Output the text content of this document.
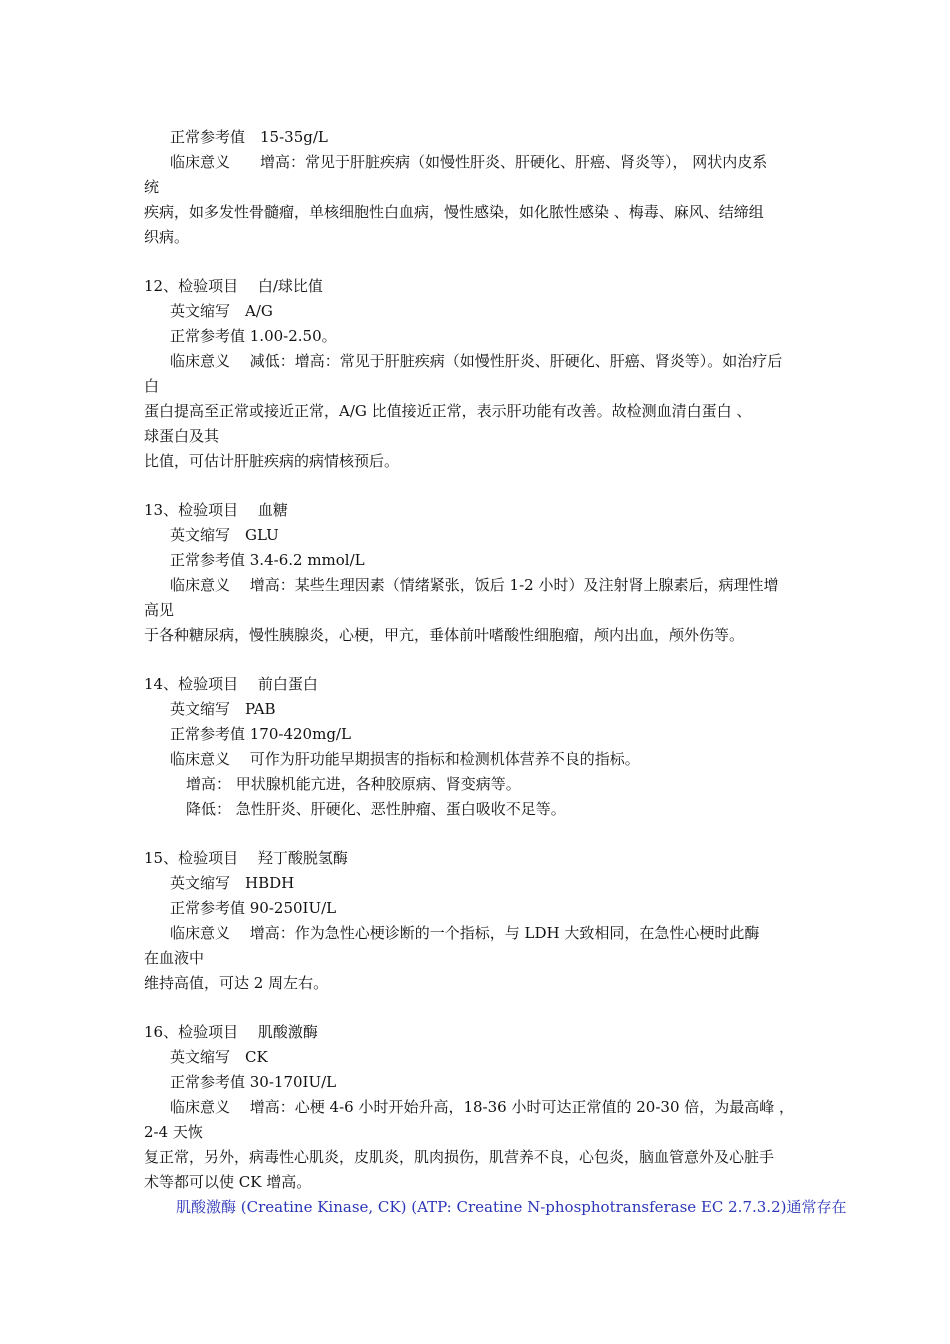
正常参考值　15-35g/L
临床意义　　增高：常见于肝脏疾病（如慢性肝炎、肝硬化、肝癌、肾炎等）， 网状内皮系
统
疾病，如多发性骨髓瘤，单核细胞性白血病，慢性感染，如化脓性感染 、梅毒、麻风、结缔组
织病。
12、检验项目　 白/球比值
英文缩写　A/G
正常参考值 1.00-2.50。
临床意义　 减低：增高：常见于肝脏疾病（如慢性肝炎、肝硬化、肝癌、肾炎等）。如治疗后
白
蛋白提高至正常或接近正常，A/G 比值接近正常，表示肝功能有改善。故检测血清白蛋白 、
球蛋白及其
比值，可估计肝脏疾病的病情核预后。
13、检验项目　 血糖
英文缩写　GLU
正常参考值 3.4-6.2 mmol/L
临床意义　 增高：某些生理因素（情绪紧张，饭后 1-2 小时）及注射肾上腺素后，病理性增
高见
于各种糖尿病，慢性胰腺炎，心梗，甲亢，垂体前叶嗜酸性细胞瘤，颅内出血，颅外伤等。
14、检验项目　 前白蛋白
英文缩写　PAB
正常参考值 170-420mg/L
临床意义　 可作为肝功能早期损害的指标和检测机体营养不良的指标。
增高： 甲状腺机能亢进，各种胶原病、肾变病等。
降低： 急性肝炎、肝硬化、恶性肿瘤、蛋白吸收不足等。
15、检验项目　 羟丁酸脱氢酶
英文缩写　HBDH
正常参考值 90-250IU/L
临床意义　 增高：作为急性心梗诊断的一个指标，与 LDH 大致相同，在急性心梗时此酶
在血液中
维持高值，可达 2 周左右。
16、检验项目　 肌酸激酶
英文缩写　CK
正常参考值 30-170IU/L
临床意义　 增高：心梗 4-6 小时开始升高，18-36 小时可达正常值的 20-30 倍，为最高峰 ，
2-4 天恢
复正常，另外，病毒性心肌炎，皮肌炎，肌肉损伤，肌营养不良，心包炎，脑血管意外及心脏手
术等都可以使 CK 增高。
肌酸激酶 (Creatine Kinase, CK) (ATP: Creatine N-phosphotransferase EC 2.7.3.2)通常存在
